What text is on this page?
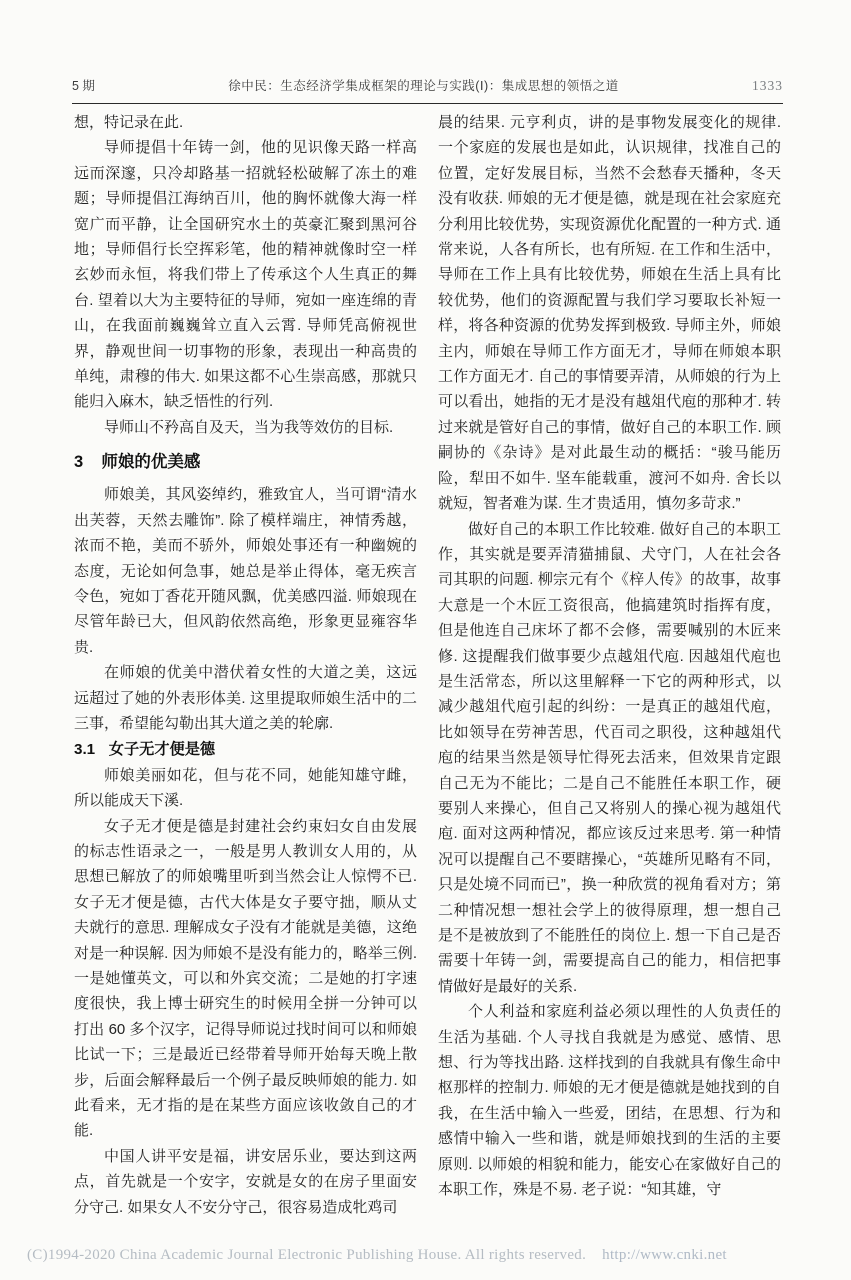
5 期	徐中民：生态经济学集成框架的理论与实践(Ⅰ)：集成思想的领悟之道	1333

想，特记录在此.

导师提倡十年铸一剑，他的见识像天路一样高远而深邃，只冷却路基一招就轻松破解了冻土的难题；导师提倡江海纳百川，他的胸怀就像大海一样宽广而平静，让全国研究水土的英豪汇聚到黑河谷地；导师倡行长空挥彩笔，他的精神就像时空一样玄妙而永恒，将我们带上了传承这个人生真正的舞台. 望着以大为主要特征的导师，宛如一座连绵的青山，在我面前巍巍耸立直入云霄. 导师凭高俯视世界，静观世间一切事物的形象，表现出一种高贵的单纯，肃穆的伟大. 如果这都不心生崇高感，那就只能归入麻木，缺乏悟性的行列.

导师山不矜高自及天，当为我等效仿的目标.

3 师娘的优美感

师娘美，其风姿绰约，雅致宜人，当可谓“清水出芙蓉，天然去雕饰”. 除了模样端庄，神情秀越，浓而不艳，美而不骄外，师娘处事还有一种幽婉的态度，无论如何急事，她总是举止得体，毫无疾言令色，宛如丁香花开随风飘，优美感四溢. 师娘现在尽管年龄已大，但风韵依然高绝，形象更显雍容华贵.

在师娘的优美中潜伏着女性的大道之美，这远远超过了她的外表形体美. 这里提取师娘生活中的二三事，希望能勾勒出其大道之美的轮廓.

3.1 女子无才便是德

师娘美丽如花，但与花不同，她能知雄守雌，所以能成天下溪.

女子无才便是德是封建社会约束妇女自由发展的标志性语录之一，一般是男人教训女人用的，从思想已解放了的师娘嘴里听到当然会让人惊愕不已. 女子无才便是德，古代大体是女子要守拙，顺从丈夫就行的意思. 理解成女子没有才能就是美德，这绝对是一种误解. 因为师娘不是没有能力的，略举三例. 一是她懂英文，可以和外宾交流；二是她的打字速度很快，我上博士研究生的时候用全拼一分钟可以打出 60 多个汉字，记得导师说过找时间可以和师娘比试一下；三是最近已经带着导师开始每天晚上散步，后面会解释最后一个例子最反映师娘的能力. 如此看来，无才指的是在某些方面应该收敛自己的才能.

中国人讲平安是福，讲安居乐业，要达到这两点，首先就是一个安字，安就是女的在房子里面安分守己. 如果女人不安分守己，很容易造成牝鸡司

晨的结果. 元亨利贞，讲的是事物发展变化的规律. 一个家庭的发展也是如此，认识规律，找准自己的位置，定好发展目标，当然不会愁春天播种，冬天没有收获. 师娘的无才便是德，就是现在社会家庭充分利用比较优势，实现资源优化配置的一种方式. 通常来说，人各有所长，也有所短. 在工作和生活中，导师在工作上具有比较优势，师娘在生活上具有比较优势，他们的资源配置与我们学习要取长补短一样，将各种资源的优势发挥到极致. 导师主外，师娘主内，师娘在导师工作方面无才，导师在师娘本职工作方面无才. 自己的事情要弄清，从师娘的行为上可以看出，她指的无才是没有越俎代庖的那种才. 转过来就是管好自己的事情，做好自己的本职工作. 顾嗣协的《杂诗》是对此最生动的概括：“骏马能历险，犁田不如牛. 坚车能载重，渡河不如舟. 舍长以就短，智者难为谋. 生才贵适用，慎勿多苛求.”

做好自己的本职工作比较难. 做好自己的本职工作，其实就是要弄清猫捕鼠、犬守门，人在社会各司其职的问题. 柳宗元有个《梓人传》的故事，故事大意是一个木匠工资很高，他搞建筑时指挥有度，但是他连自己床坏了都不会修，需要喊别的木匠来修. 这提醒我们做事要少点越俎代庖. 因越俎代庖也是生活常态，所以这里解释一下它的两种形式，以减少越俎代庖引起的纠纷：一是真正的越俎代庖，比如领导在劳神苦思，代百司之职役，这种越俎代庖的结果当然是领导忙得死去活来，但效果肯定跟自己无为不能比；二是自己不能胜任本职工作，硬要别人来操心，但自己又将别人的操心视为越俎代庖. 面对这两种情况，都应该反过来思考. 第一种情况可以提醒自己不要瞎操心，“英雄所见略有不同，只是处境不同而已”，换一种欣赏的视角看对方；第二种情况想一想社会学上的彼得原理，想一想自己是不是被放到了不能胜任的岗位上. 想一下自己是否需要十年铸一剑，需要提高自己的能力，相信把事情做好是最好的关系.

个人利益和家庭利益必须以理性的人负责任的生活为基础. 个人寻找自我就是为感觉、感情、思想、行为等找出路. 这样找到的自我就具有像生命中枢那样的控制力. 师娘的无才便是德就是她找到的自我，在生活中输入一些爱，团结，在思想、行为和感情中输入一些和谐，就是师娘找到的生活的主要原则. 以师娘的相貌和能力，能安心在家做好自己的本职工作，殊是不易. 老子说：“知其雄，守

(C)1994-2020 China Academic Journal Electronic Publishing House. All rights reserved. http://www.cnki.net
